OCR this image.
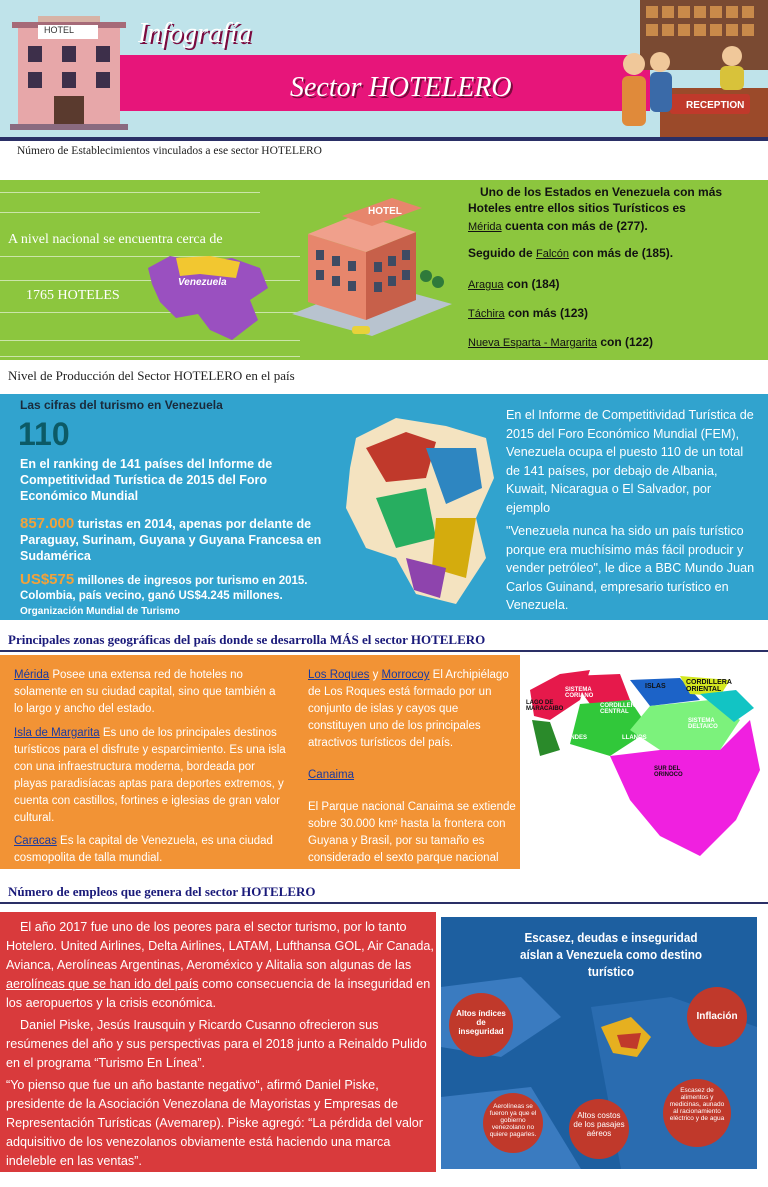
HOTEL Infografía
Sector HOTELERO
RECEPTION
Número de Establecimientos vinculados a ese sector HOTELERO
A nivel nacional se encuentra cerca de
1765 HOTELES
Venezuela
HOTEL
Uno de los Estados en Venezuela con más
Hoteles entre ellos sitios Turísticos es
Mérida cuenta con más de (277).
Seguido de Falcón con más de (185).
Aragua con (184)
Táchira con más (123)
Nueva Esparta - Margarita con (122)
Nivel de Producción del Sector HOTELERO en el país
Las cifras del turismo en Venezuela
110
En el ranking de 141 países del Informe de Competitividad Turística de 2015 del Foro Económico Mundial
857.000 turistas en 2014, apenas por delante de Paraguay, Surinam, Guyana y Guyana Francesa en Sudamérica
US$575 millones de ingresos por turismo en 2015. Colombia, país vecino, ganó US$4.245 millones.
Organización Mundial de Turismo
En el Informe de Competitividad Turística de 2015 del Foro Económico Mundial (FEM), Venezuela ocupa el puesto 110 de un total de 141 países, por debajo de Albania, Kuwait, Nicaragua o El Salvador, por ejemplo
"Venezuela nunca ha sido un país turístico porque era muchísimo más fácil producir y vender petróleo", le dice a BBC Mundo Juan Carlos Guinand, empresario turístico en Venezuela.
Principales zonas geográficas del país donde se desarrolla MÁS el sector HOTELERO
Mérida Posee una extensa red de hoteles no solamente en su ciudad capital, sino que también a lo largo y ancho del estado.
Isla de Margarita Es uno de los principales destinos turísticos para el disfrute y esparcimiento. Es una isla con una infraestructura moderna, bordeada por playas paradisíacas aptas para deportes extremos, y cuenta con castillos, fortines e iglesias de gran valor cultural.
Caracas Es la capital de Venezuela, es una ciudad cosmopolita de talla mundial.
Los Roques y Morrocoy El Archipiélago de Los Roques está formado por un conjunto de islas y cayos que constituyen uno de los principales atractivos turísticos del país.
Canaima
El Parque nacional Canaima se extiende sobre 30.000 km² hasta la frontera con Guyana y Brasil, por su tamaño es considerado el sexto parque nacional más grande del mundo.
ISLAS
CORDILLERA ORIENTAL
SISTEMA CORIANO
LAGO DE MARACAIBO	CORDILLERA CENTRAL
SISTEMA DELTAICO
ANDES	LLANOS
SUR DEL ORINOCO
Número de empleos que genera del sector HOTELERO
El año 2017 fue uno de los peores para el sector turismo, por lo tanto Hotelero. United Airlines, Delta Airlines, LATAM, Lufthansa GOL, Air Canada, Avianca, Aerolíneas Argentinas, Aeroméxico y Alitalia son algunas de las aerolíneas que se han ido del país como consecuencia de la inseguridad en los aeropuertos y la crisis económica.
Daniel Piske, Jesús Irausquin y Ricardo Cusanno ofrecieron sus resúmenes del año y sus perspectivas para el 2018 junto a Reinaldo Pulido en el programa “Turismo En Línea”.
“Yo pienso que fue un año bastante negativo“, afirmó Daniel Piske, presidente de la Asociación Venezolana de Mayoristas y Empresas de Representación Turísticas (Avemarep). Piske agregó: “La pérdida del valor adquisitivo de los venezolanos obviamente está haciendo una marca indeleble en las ventas”.
Escasez, deudas e inseguridad aíslan a Venezuela como destino turístico
Altos índices de inseguridad
Inflación
Aerolíneas se fueron ya que el gobierno venezolano no quiere pagarles.
Altos costos de los pasajes aéreos
Escasez de alimentos y medicinas, aunado al racionamiento eléctrico y de agua
